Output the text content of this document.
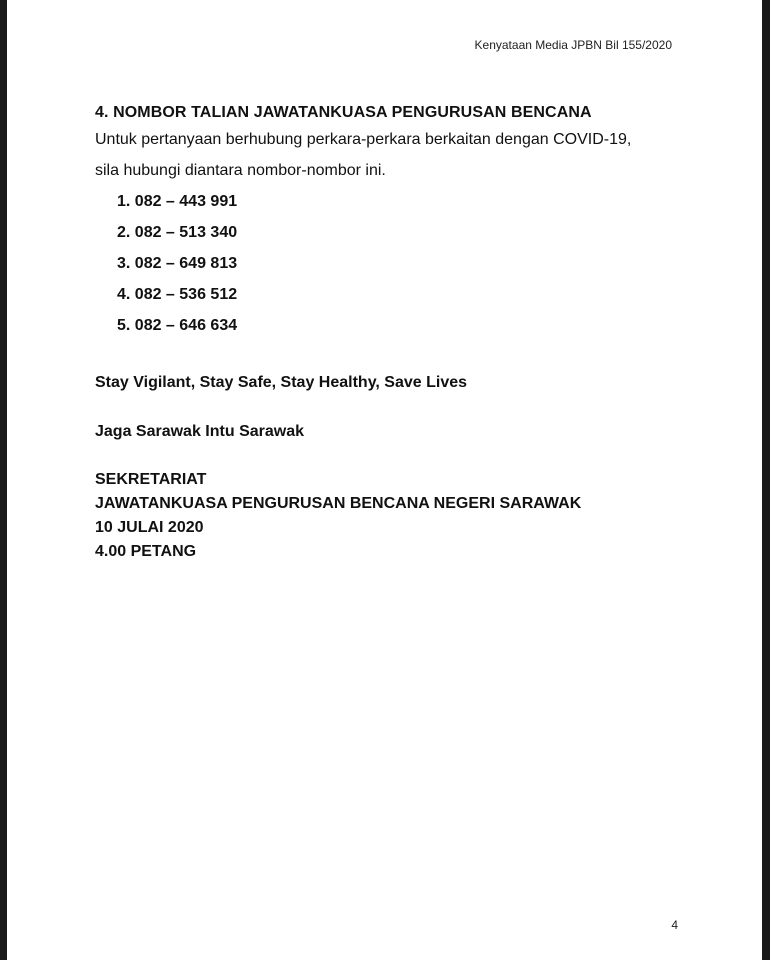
Kenyataan Media JPBN Bil 155/2020
4. NOMBOR TALIAN JAWATANKUASA PENGURUSAN BENCANA
Untuk pertanyaan berhubung perkara-perkara berkaitan dengan COVID-19,
sila hubungi diantara nombor-nombor ini.
1. 082 – 443 991
2. 082 – 513 340
3. 082 – 649 813
4. 082 – 536 512
5. 082 – 646 634
Stay Vigilant, Stay Safe, Stay Healthy, Save Lives
Jaga Sarawak Intu Sarawak
SEKRETARIAT
JAWATANKUASA PENGURUSAN BENCANA NEGERI SARAWAK
10 JULAI 2020
4.00 PETANG
4
